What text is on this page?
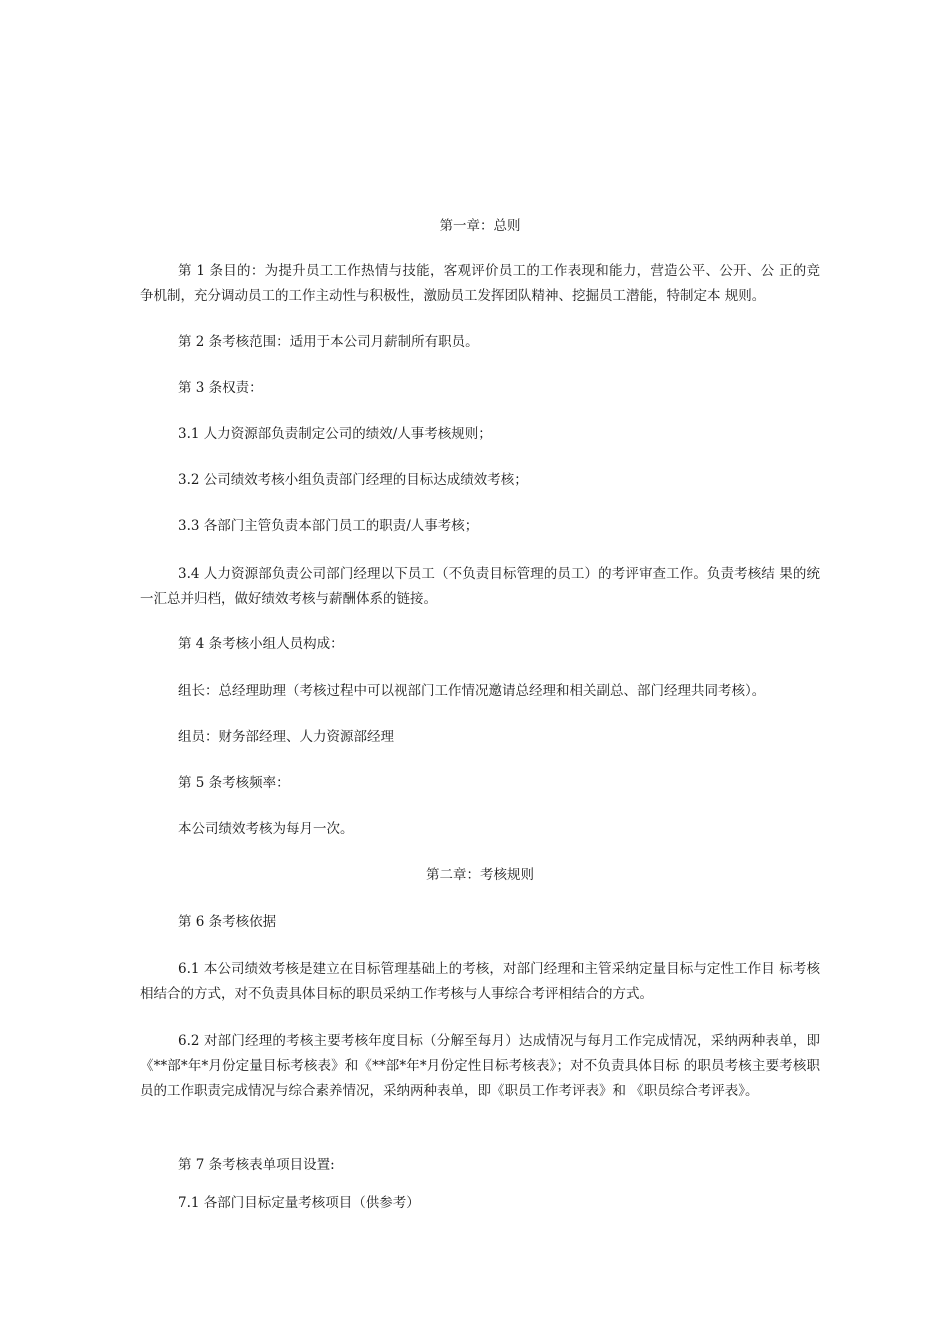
第一章：总则
第 1 条目的：为提升员工工作热情与技能，客观评价员工的工作表现和能力，营造公平、公开、公 正的竞争机制，充分调动员工的工作主动性与积极性，激励员工发挥团队精神、挖掘员工潜能，特制定本 规则。
第 2 条考核范围：适用于本公司月薪制所有职员。
第 3 条权责：
3.1 人力资源部负责制定公司的绩效/人事考核规则；
3.2 公司绩效考核小组负责部门经理的目标达成绩效考核；
3.3 各部门主管负责本部门员工的职责/人事考核；
3.4 人力资源部负责公司部门经理以下员工（不负责目标管理的员工）的考评审查工作。负责考核结 果的统一汇总并归档，做好绩效考核与薪酬体系的链接。
第 4 条考核小组人员构成：
组长：总经理助理（考核过程中可以视部门工作情况邀请总经理和相关副总、部门经理共同考核）。
组员：财务部经理、人力资源部经理
第 5 条考核频率：
本公司绩效考核为每月一次。
第二章：考核规则
第 6 条考核依据
6.1 本公司绩效考核是建立在目标管理基础上的考核，对部门经理和主管采纳定量目标与定性工作目 标考核相结合的方式，对不负责具体目标的职员采纳工作考核与人事综合考评相结合的方式。
6.2 对部门经理的考核主要考核年度目标（分解至每月）达成情况与每月工作完成情况，采纳两种表单，即《**部*年*月份定量目标考核表》和《**部*年*月份定性目标考核表》；对不负责具体目标 的职员考核主要考核职员的工作职责完成情况与综合素养情况，采纳两种表单，即《职员工作考评表》和 《职员综合考评表》。
第 7 条考核表单项目设置:
7.1 各部门目标定量考核项目（供参考）
